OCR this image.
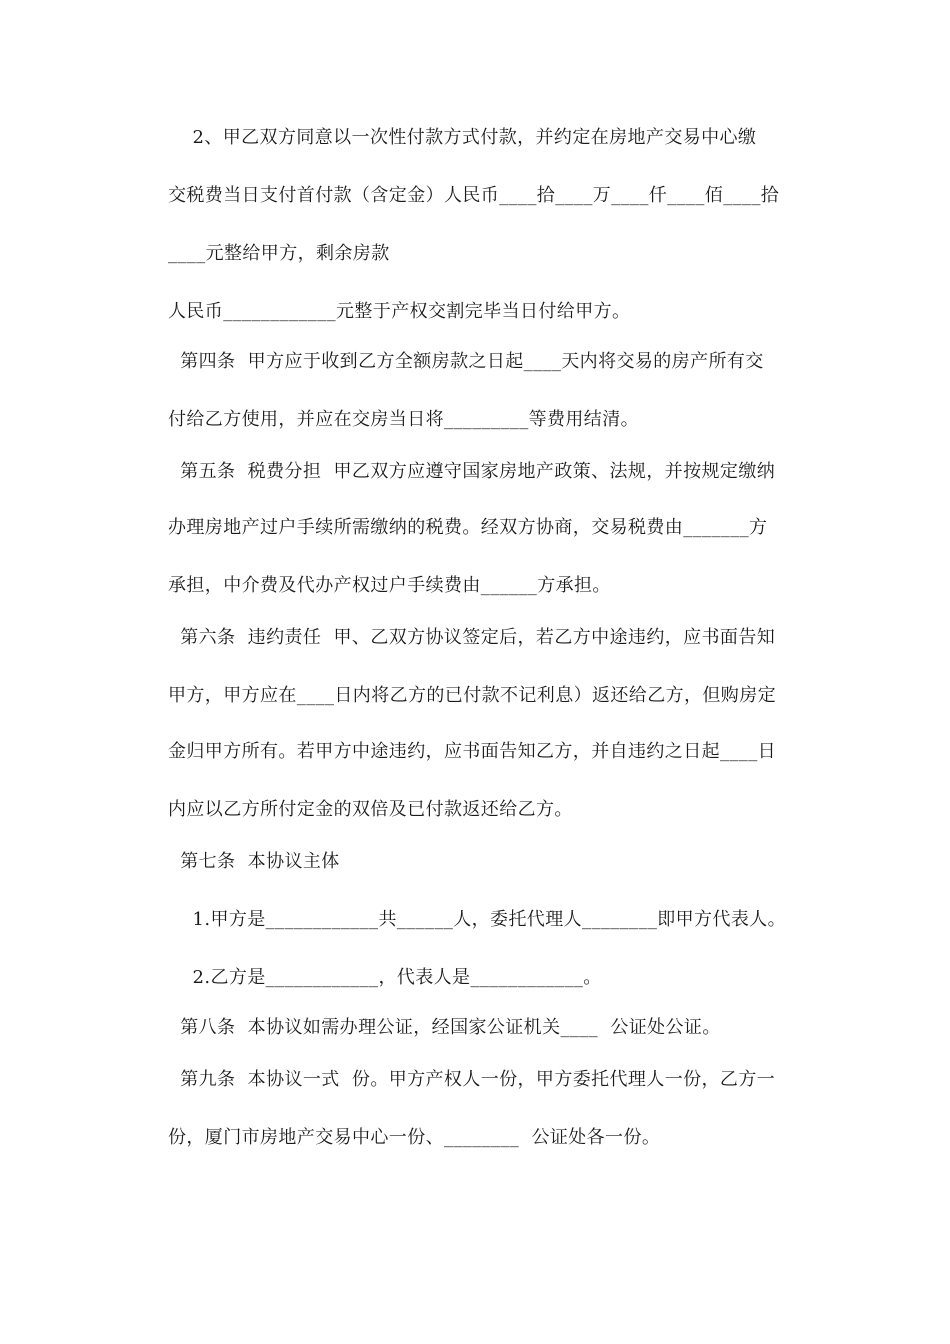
2、甲乙双方同意以一次性付款方式付款，并约定在房地产交易中心缴
交税费当日支付首付款（含定金）人民币____拾____万____仟____佰____拾
____元整给甲方，剩余房款
人民币____________元整于产权交割完毕当日付给甲方。
第四条  甲方应于收到乙方全额房款之日起____天内将交易的房产所有交
付给乙方使用，并应在交房当日将_________等费用结清。
第五条  税费分担  甲乙双方应遵守国家房地产政策、法规，并按规定缴纳
办理房地产过户手续所需缴纳的税费。经双方协商，交易税费由_______方
承担，中介费及代办产权过户手续费由______方承担。
第六条  违约责任  甲、乙双方协议签定后，若乙方中途违约，应书面告知
甲方，甲方应在____日内将乙方的已付款不记利息）返还给乙方，但购房定
金归甲方所有。若甲方中途违约，应书面告知乙方，并自违约之日起____日
内应以乙方所付定金的双倍及已付款返还给乙方。
第七条  本协议主体
1.甲方是____________共______人，委托代理人________即甲方代表人。
2.乙方是____________，代表人是____________。
第八条  本协议如需办理公证，经国家公证机关____  公证处公证。
第九条  本协议一式  份。甲方产权人一份，甲方委托代理人一份，乙方一
份，厦门市房地产交易中心一份、________  公证处各一份。
